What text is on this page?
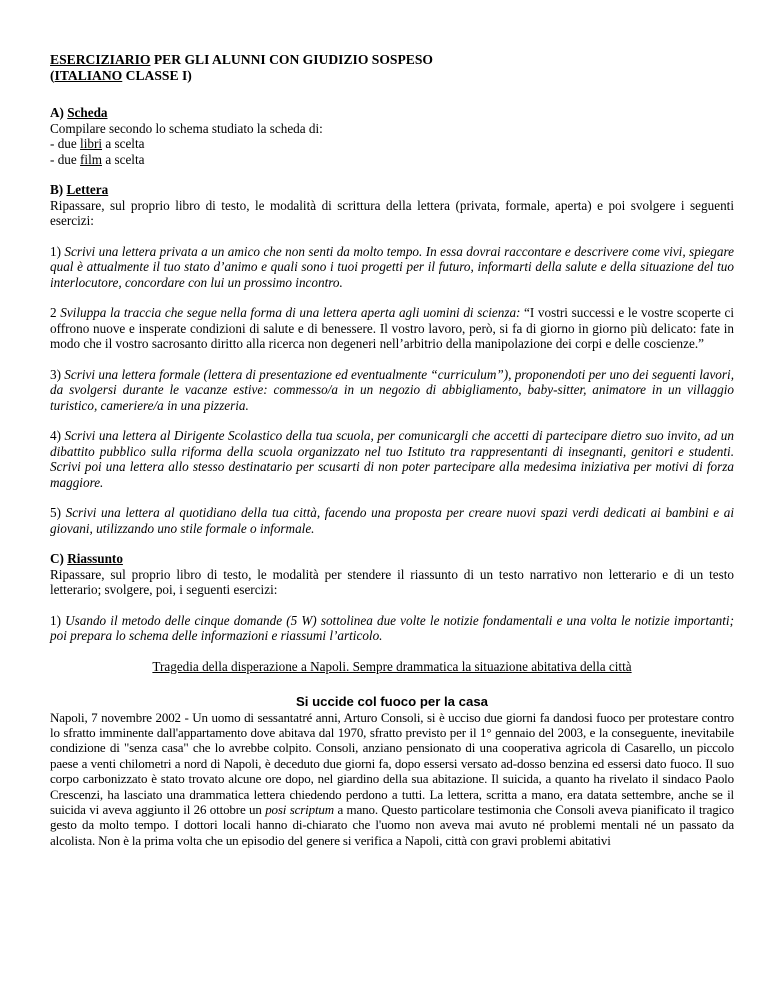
ESERCIZIARIO PER GLI ALUNNI CON GIUDIZIO SOSPESO

(ITALIANO CLASSE I)

A) Scheda

Compilare secondo lo schema studiato la scheda di:

- due libri a scelta

- due film a scelta

B) Lettera

Ripassare, sul proprio libro di testo, le modalità di scrittura della lettera (privata, formale, aperta) e poi svolgere i seguenti esercizi:

1) Scrivi una lettera privata a un amico che non senti da molto tempo. In essa dovrai raccontare e descrivere come vivi, spiegare qual è attualmente il tuo stato d’animo e quali sono i tuoi progetti per il futuro, informarti della salute e della situazione del tuo interlocutore, concordare con lui un prossimo incontro.

2 Sviluppa la traccia che segue nella forma di una lettera aperta agli uomini di scienza: “I vostri successi e le vostre scoperte ci offrono nuove e insperate condizioni di salute e di benessere. Il vostro lavoro, però, si fa di giorno in giorno più delicato: fate in modo che il vostro sacrosanto diritto alla ricerca non degeneri nell’arbitrio della manipolazione dei corpi e delle coscienze.”

3) Scrivi una lettera formale (lettera di presentazione ed eventualmente “curriculum”), proponendoti per uno dei seguenti lavori, da svolgersi durante le vacanze estive: commesso/a in un negozio di abbigliamento, baby-sitter, animatore in un villaggio turistico, cameriere/a in una pizzeria.

4) Scrivi una lettera al Dirigente Scolastico della tua scuola, per comunicargli che accetti di partecipare dietro suo invito, ad un dibattito pubblico sulla riforma della scuola organizzato nel tuo Istituto tra rappresentanti di insegnanti, genitori e studenti. Scrivi poi una lettera allo stesso destinatario per scusarti di non poter partecipare alla medesima iniziativa per motivi di forza maggiore.

5) Scrivi una lettera al quotidiano della tua città, facendo una proposta per creare nuovi spazi verdi dedicati ai bambini e ai giovani, utilizzando uno stile formale o informale.

C) Riassunto

Ripassare, sul proprio libro di testo, le modalità per stendere il riassunto di un testo narrativo non letterario e di un testo letterario; svolgere, poi, i seguenti esercizi:

1) Usando il metodo delle cinque domande (5 W) sottolinea due volte le notizie fondamentali e una volta le notizie importanti; poi prepara lo schema delle informazioni e riassumi l’articolo.

Tragedia della disperazione a Napoli. Sempre drammatica la situazione abitativa della città

Si uccide col fuoco per la casa

Napoli, 7 novembre 2002 - Un uomo di sessantatré anni, Arturo Consoli, si è ucciso due giorni fa dandosi fuoco per protestare contro lo sfratto imminente dall'appartamento dove abitava dal 1970, sfratto previsto per il 1° gennaio del 2003, e la conseguente, inevitabile condizione di "senza casa" che lo avrebbe colpito. Consoli, anziano pensionato di una cooperativa agricola di Casarello, un piccolo paese a venti chilometri a nord di Napoli, è deceduto due giorni fa, dopo essersi versato ad-dosso benzina ed essersi dato fuoco. Il suo corpo carbonizzato è stato trovato alcune ore dopo, nel giardino della sua abitazione. Il suicida, a quanto ha rivelato il sindaco Paolo Crescenzi, ha lasciato una drammatica lettera chiedendo perdono a tutti. La lettera, scritta a mano, era datata settembre, anche se il suicida vi aveva aggiunto il 26 ottobre un posi scriptum a mano. Questo particolare testimonia che Consoli aveva pianificato il tragico gesto da molto tempo. I dottori locali hanno di-chiarato che l'uomo non aveva mai avuto né problemi mentali né un passato da alcolista. Non è la prima volta che un episodio del genere si verifica a Napoli, città con gravi problemi abitativi
